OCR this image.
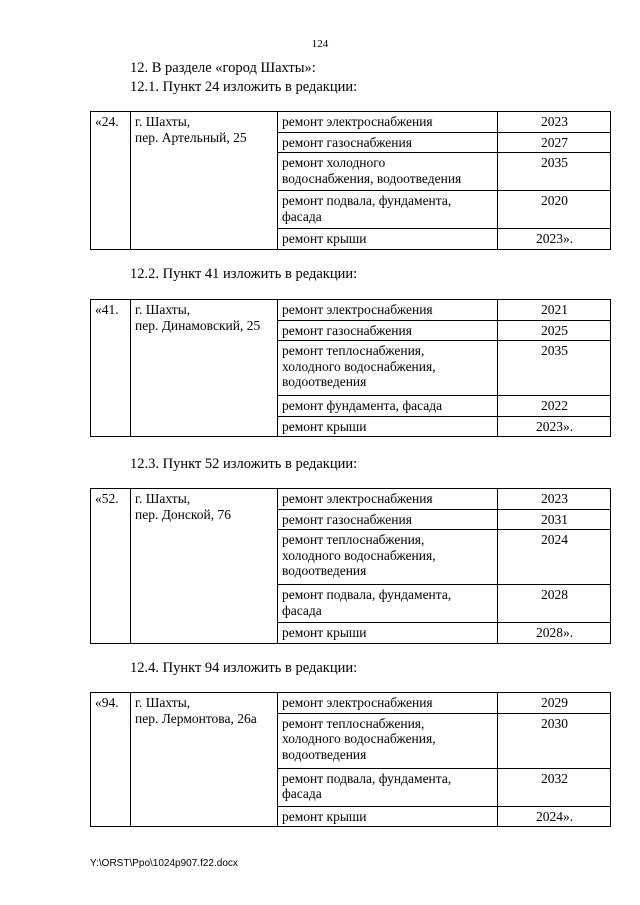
124
12. В разделе «город Шахты»:
12.1. Пункт 24 изложить в редакции:
«24.	г. Шахты,
пер. Артельный, 25	ремонт электроснабжения	2023
		ремонт газоснабжения	2027
		ремонт холодного
водоснабжения, водоотведения	2035
		ремонт подвала, фундамента,
фасада	2020
		ремонт крыши	2023».
12.2. Пункт 41 изложить в редакции:
«41.	г. Шахты,
пер. Динамовский, 25	ремонт электроснабжения	2021
		ремонт газоснабжения	2025
		ремонт теплоснабжения,
холодного водоснабжения,
водоотведения	2035
		ремонт фундамента, фасада	2022
		ремонт крыши	2023».
12.3. Пункт 52 изложить в редакции:
«52.	г. Шахты,
пер. Донской, 76	ремонт электроснабжения	2023
		ремонт газоснабжения	2031
		ремонт теплоснабжения,
холодного водоснабжения,
водоотведения	2024
		ремонт подвала, фундамента,
фасада	2028
		ремонт крыши	2028».
12.4. Пункт 94 изложить в редакции:
«94.	г. Шахты,
пер. Лермонтова, 26а	ремонт электроснабжения	2029
		ремонт теплоснабжения,
холодного водоснабжения,
водоотведения	2030
		ремонт подвала, фундамента,
фасада	2032
		ремонт крыши	2024».
Y:\ORST\Ppo\1024p907.f22.docx
